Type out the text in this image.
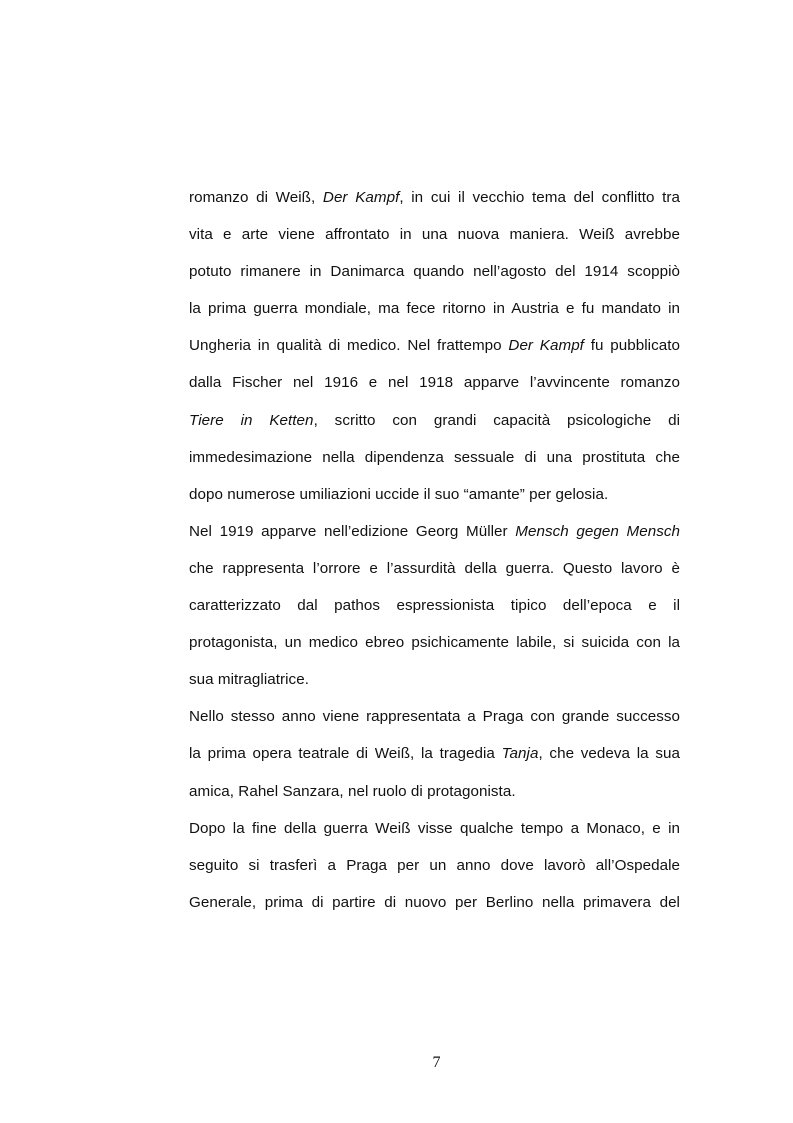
romanzo di Weiß, Der Kampf, in cui il vecchio tema del conflitto tra
vita e arte viene affrontato in una nuova maniera. Weiß avrebbe
potuto rimanere in Danimarca quando nell’agosto del 1914 scoppiò
la prima guerra mondiale, ma fece ritorno in Austria e fu mandato in
Ungheria in qualità di medico. Nel frattempo Der Kampf fu pubblicato
dalla Fischer nel 1916 e nel 1918 apparve l’avvincente romanzo
Tiere in Ketten, scritto con grandi capacità psicologiche di
immedesimazione nella dipendenza sessuale di una prostituta che
dopo numerose umiliazioni uccide il suo “amante” per gelosia.
Nel 1919 apparve nell’edizione Georg Müller Mensch gegen Mensch
che rappresenta l’orrore e l’assurdità della guerra. Questo lavoro è
caratterizzato dal pathos espressionista tipico dell’epoca e il
protagonista, un medico ebreo psichicamente labile, si suicida con la
sua mitragliatrice.
Nello stesso anno viene rappresentata a Praga con grande successo
la prima opera teatrale di Weiß, la tragedia Tanja, che vedeva la sua
amica, Rahel Sanzara, nel ruolo di protagonista.
Dopo la fine della guerra Weiß visse qualche tempo a Monaco, e in
seguito si trasferì a Praga per un anno dove lavorò all’Ospedale
Generale, prima di partire di nuovo per Berlino nella primavera del
7
